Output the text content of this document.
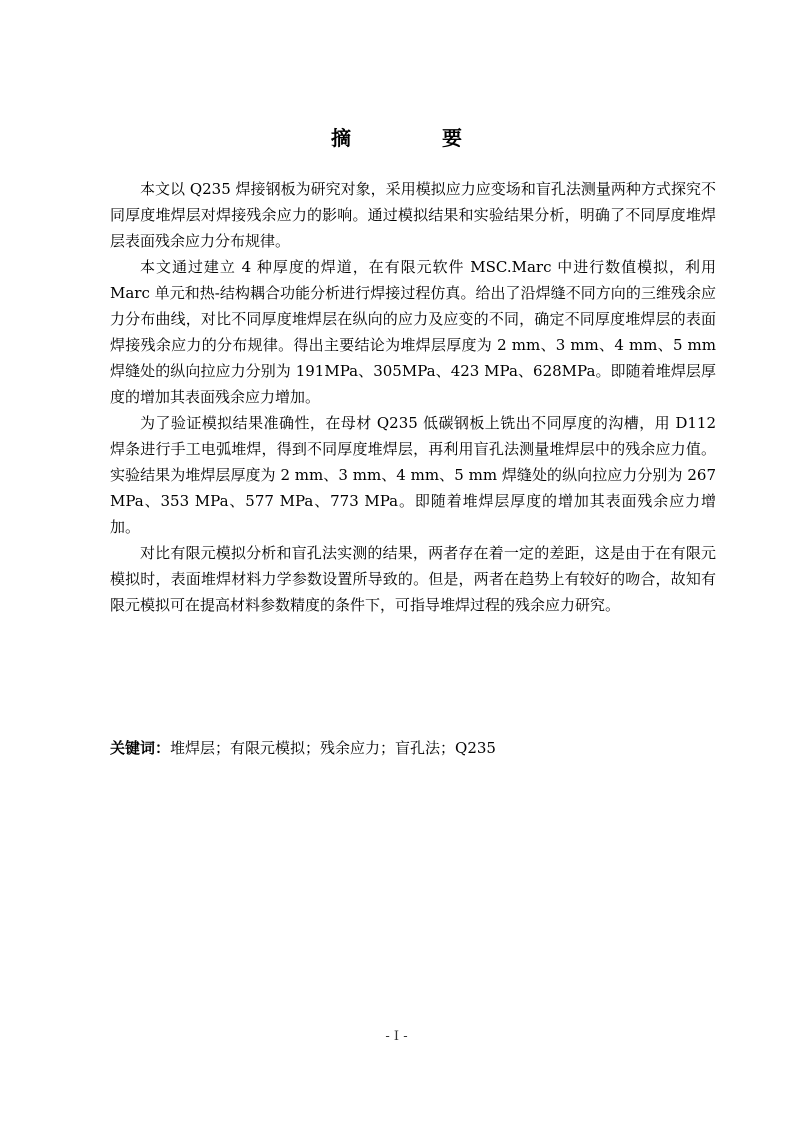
摘 要

本文以 Q235 焊接钢板为研究对象，采用模拟应力应变场和盲孔法测量两种方式探究不同厚度堆焊层对焊接残余应力的影响。通过模拟结果和实验结果分析，明确了不同厚度堆焊层表面残余应力分布规律。

本文通过建立 4 种厚度的焊道，在有限元软件 MSC.Marc 中进行数值模拟，利用 Marc 单元和热-结构耦合功能分析进行焊接过程仿真。给出了沿焊缝不同方向的三维残余应力分布曲线，对比不同厚度堆焊层在纵向的应力及应变的不同，确定不同厚度堆焊层的表面焊接残余应力的分布规律。得出主要结论为堆焊层厚度为 2 mm、3 mm、4 mm、5 mm 焊缝处的纵向拉应力分别为 191MPa、305MPa、423 MPa、628MPa。即随着堆焊层厚度的增加其表面残余应力增加。

为了验证模拟结果准确性，在母材 Q235 低碳钢板上铣出不同厚度的沟槽，用 D112 焊条进行手工电弧堆焊，得到不同厚度堆焊层，再利用盲孔法测量堆焊层中的残余应力值。实验结果为堆焊层厚度为 2 mm、3 mm、4 mm、5 mm 焊缝处的纵向拉应力分别为 267 MPa、353 MPa、577 MPa、773 MPa。即随着堆焊层厚度的增加其表面残余应力增加。

对比有限元模拟分析和盲孔法实测的结果，两者存在着一定的差距，这是由于在有限元模拟时，表面堆焊材料力学参数设置所导致的。但是，两者在趋势上有较好的吻合，故知有限元模拟可在提高材料参数精度的条件下，可指导堆焊过程的残余应力研究。

关键词：堆焊层；有限元模拟；残余应力；盲孔法；Q235
- I -
